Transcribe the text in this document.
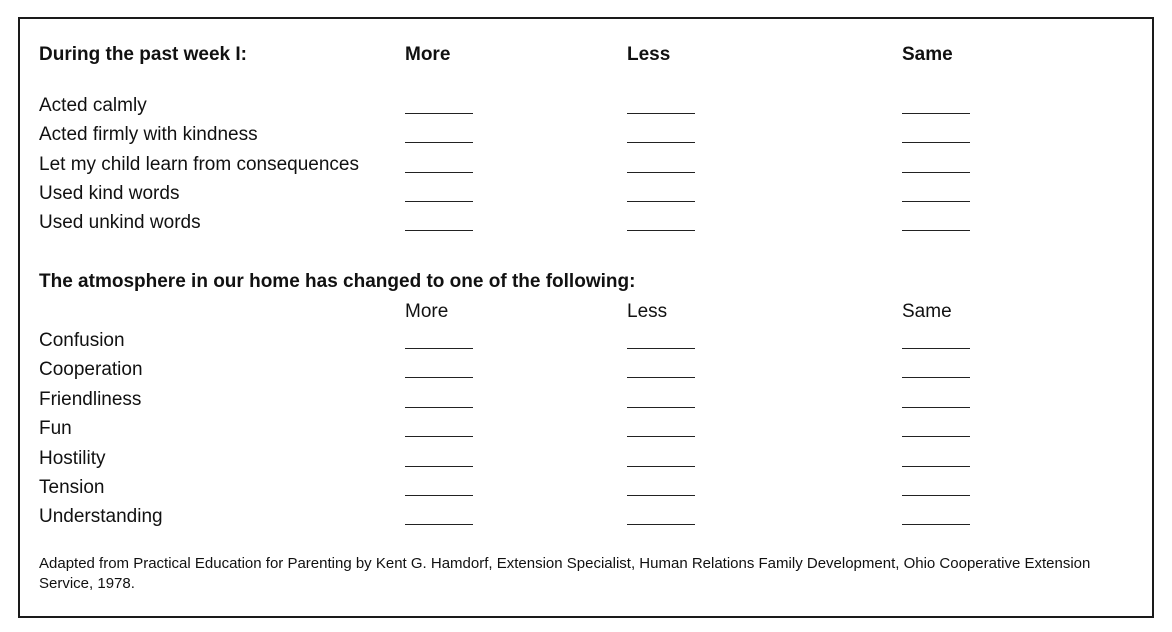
During the past week I:	More	Less	Same
Acted calmly
Acted firmly with kindness
Let my child learn from consequences
Used kind words
Used unkind words
The atmosphere in our home has changed to one of the following:
More	Less	Same
Confusion
Cooperation
Friendliness
Fun
Hostility
Tension
Understanding
Adapted from Practical Education for Parenting by Kent G. Hamdorf, Extension Specialist, Human Relations Family Development, Ohio Cooperative Extension Service, 1978.
